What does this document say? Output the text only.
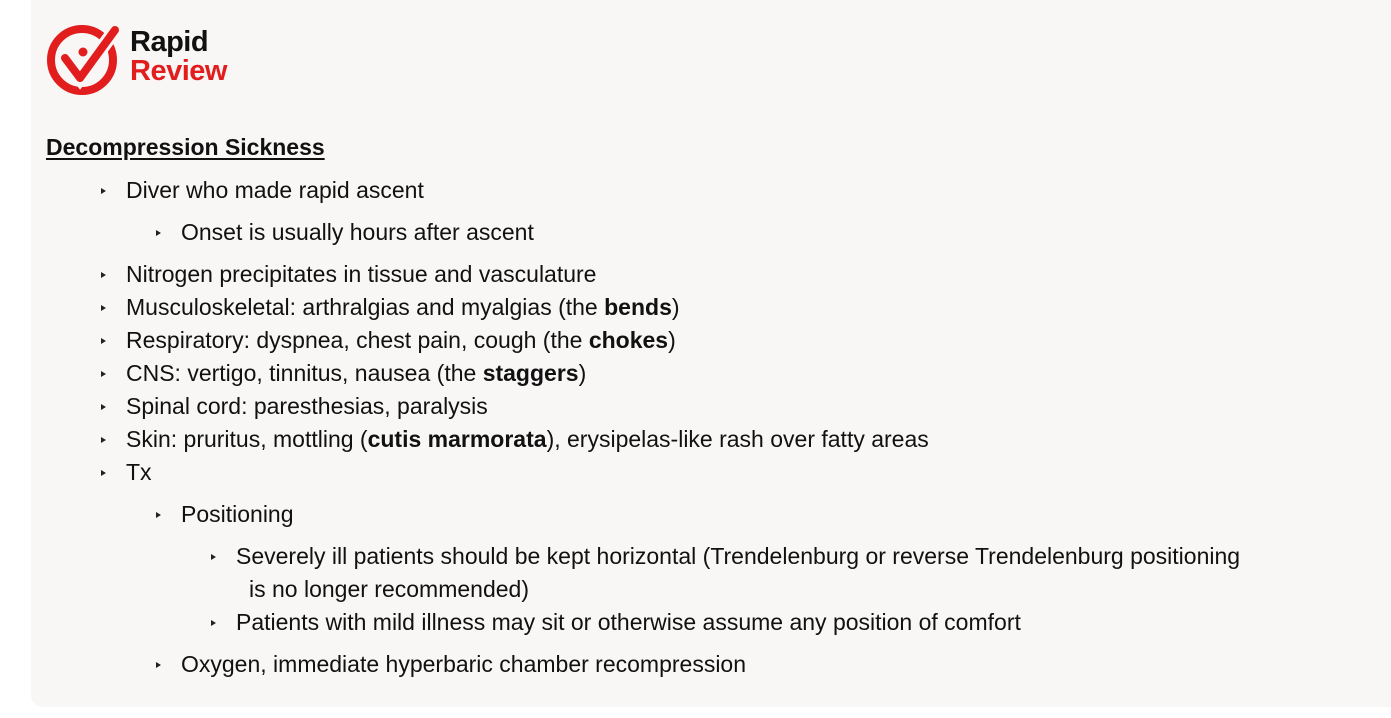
Rapid
Review
Decompression Sickness
Diver who made rapid ascent
Onset is usually hours after ascent
Nitrogen precipitates in tissue and vasculature
Musculoskeletal: arthralgias and myalgias (the bends)
Respiratory: dyspnea, chest pain, cough (the chokes)
CNS: vertigo, tinnitus, nausea (the staggers)
Spinal cord: paresthesias, paralysis
Skin: pruritus, mottling (cutis marmorata), erysipelas-like rash over fatty areas
Tx
Positioning
Severely ill patients should be kept horizontal (Trendelenburg or reverse Trendelenburg positioning
is no longer recommended)
Patients with mild illness may sit or otherwise assume any position of comfort
Oxygen, immediate hyperbaric chamber recompression
